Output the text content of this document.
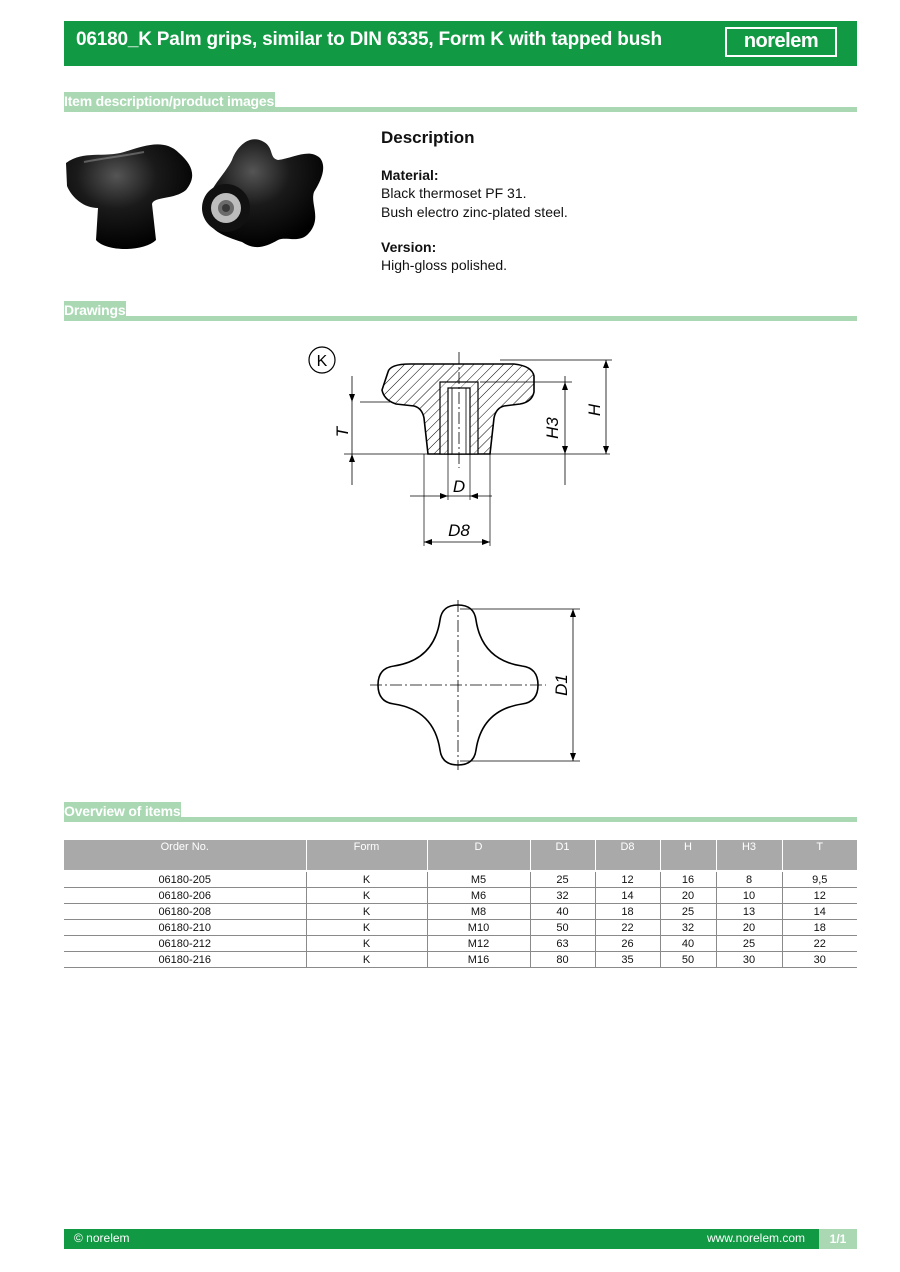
06180_K Palm grips, similar to DIN 6335, Form K with tapped bush	norelem
Item description/product images
Description

Material:

Black thermoset PF 31.

Bush electro zinc-plated steel.

Version:

High-gloss polished.

Drawings
K
T	H3
H
D
D8
D1
Overview of items
Order No.	Form	D	D1	D8	H	H3	T

06180-205	K	M5	25	12	16	8	9,5
06180-206	K	M6	32	14	20	10	12
06180-208	K	M8	40	18	25	13	14
06180-210	K	M10	50	22	32	20	18
06180-212	K	M12	63	26	40	25	22
06180-216	K	M16	80	35	50	30	30
© norelem	www.norelem.com	1/1
